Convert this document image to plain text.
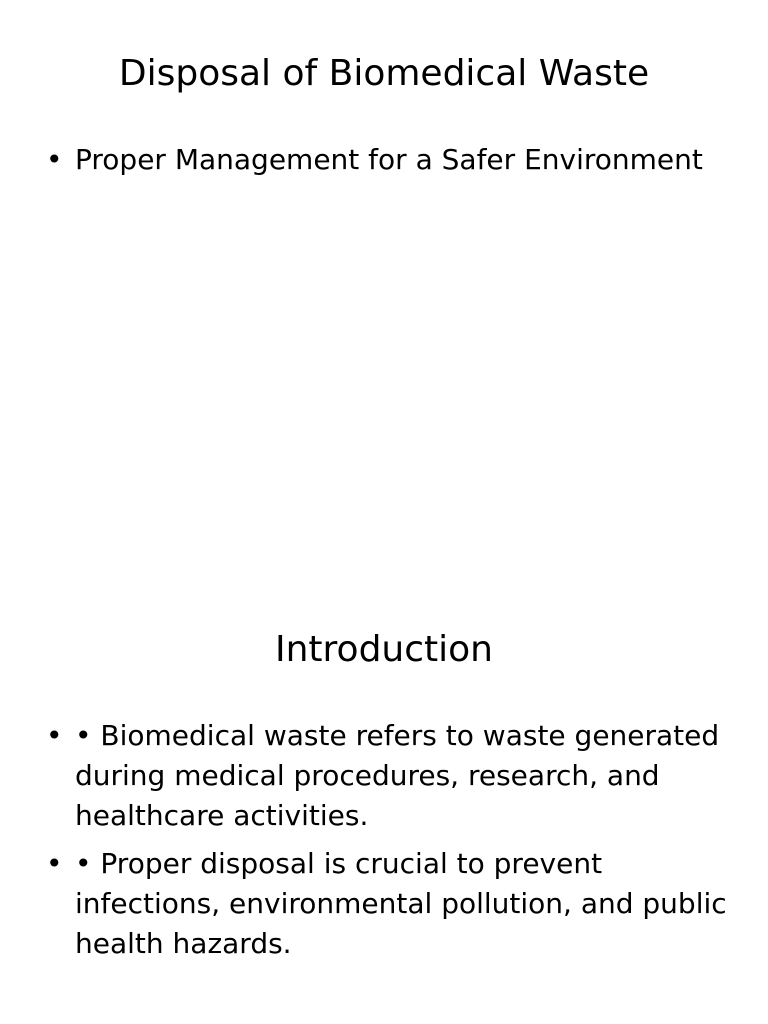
Disposal of Biomedical Waste
• Proper Management for a Safer Environment
Introduction
• • Biomedical waste refers to waste generated during medical procedures, research, and healthcare activities.
• • Proper disposal is crucial to prevent infections, environmental pollution, and public health hazards.
